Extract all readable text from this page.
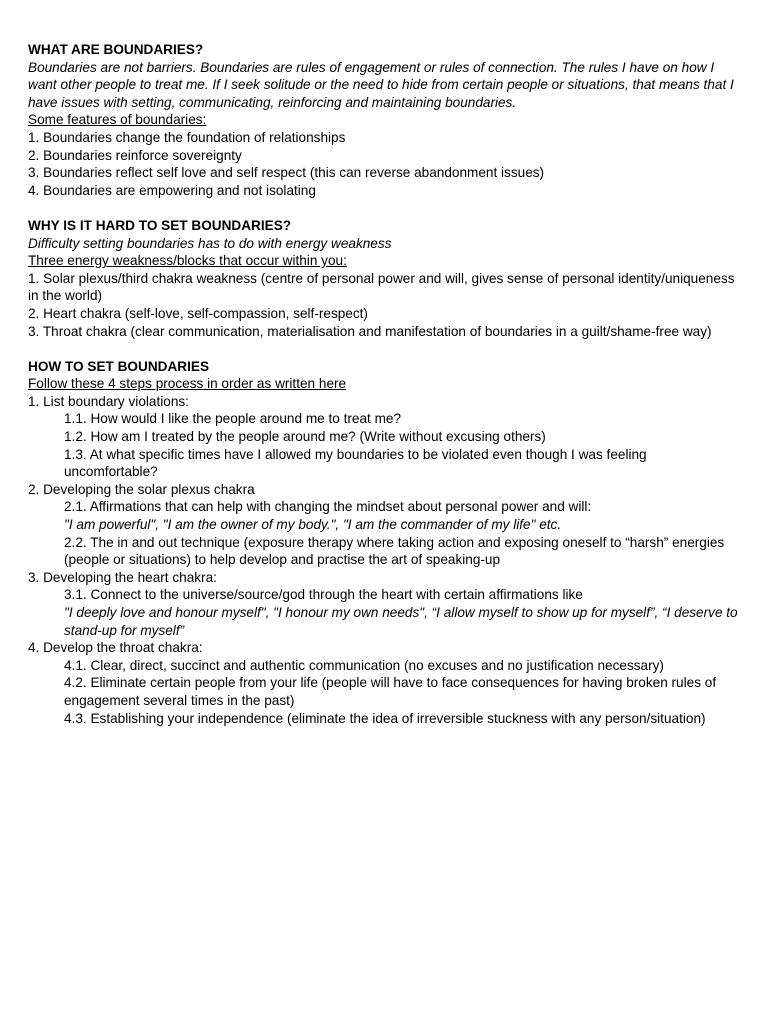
WHAT ARE BOUNDARIES?

Boundaries are not barriers. Boundaries are rules of engagement or rules of connection. The rules I have on how I want other people to treat me. If I seek solitude or the need to hide from certain people or situations, that means that I have issues with setting, communicating, reinforcing and maintaining boundaries.

Some features of boundaries:

1. Boundaries change the foundation of relationships

2. Boundaries reinforce sovereignty

3. Boundaries reflect self love and self respect (this can reverse abandonment issues)

4. Boundaries are empowering and not isolating

WHY IS IT HARD TO SET BOUNDARIES?

Difficulty setting boundaries has to do with energy weakness

Three energy weakness/blocks that occur within you:

1. Solar plexus/third chakra weakness (centre of personal power and will, gives sense of personal identity/uniqueness in the world)

2. Heart chakra (self-love, self-compassion, self-respect)

3. Throat chakra (clear communication, materialisation and manifestation of boundaries in a guilt/shame-free way)

HOW TO SET BOUNDARIES

Follow these 4 steps process in order as written here

1. List boundary violations:

1.1. How would I like the people around me to treat me?

1.2. How am I treated by the people around me? (Write without excusing others)

1.3. At what specific times have I allowed my boundaries to be violated even though I was feeling uncomfortable?

2. Developing the solar plexus chakra

2.1. Affirmations that can help with changing the mindset about personal power and will:

"I am powerful", "I am the owner of my body.", "I am the commander of my life" etc.

2.2. The in and out technique (exposure therapy where taking action and exposing oneself to “harsh” energies (people or situations) to help develop and practise the art of speaking-up

3. Developing the heart chakra:

3.1. Connect to the universe/source/god through the heart with certain affirmations like

"I deeply love and honour myself", "I honour my own needs", “I allow myself to show up for myself”, “I deserve to stand-up for myself”

4. Develop the throat chakra:

4.1. Clear, direct, succinct and authentic communication (no excuses and no justification necessary)

4.2. Eliminate certain people from your life (people will have to face consequences for having broken rules of engagement several times in the past)

4.3. Establishing your independence (eliminate the idea of irreversible stuckness with any person/situation)
